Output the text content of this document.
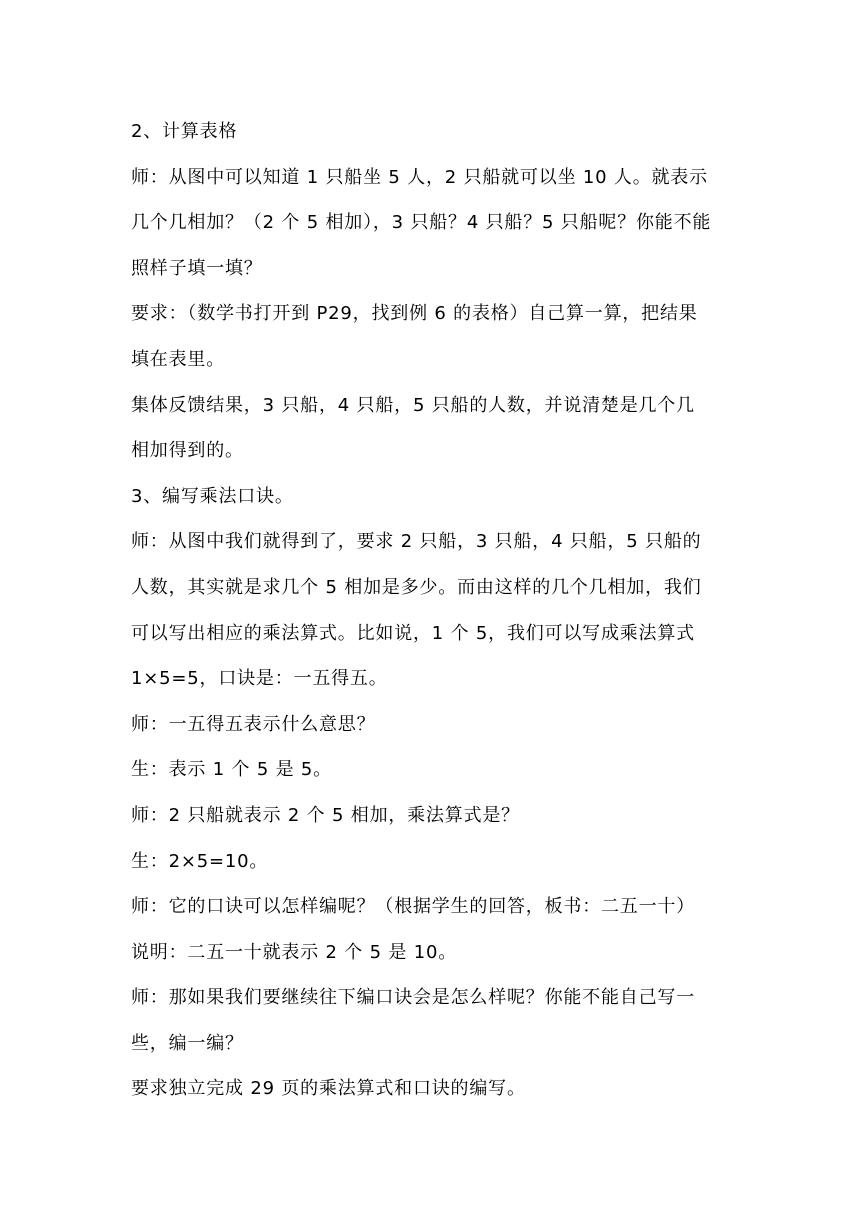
2、计算表格
师：从图中可以知道 1 只船坐 5 人，2 只船就可以坐 10 人。就表示
几个几相加？（2 个 5 相加），3 只船？4 只船？5 只船呢？你能不能
照样子填一填？
要求：（数学书打开到 P29，找到例 6 的表格）自己算一算，把结果
填在表里。
集体反馈结果，3 只船，4 只船，5 只船的人数，并说清楚是几个几
相加得到的。
3、编写乘法口诀。
师：从图中我们就得到了，要求 2 只船，3 只船，4 只船，5 只船的
人数，其实就是求几个 5 相加是多少。而由这样的几个几相加，我们
可以写出相应的乘法算式。比如说，1 个 5，我们可以写成乘法算式
1×5=5，口诀是：一五得五。
师：一五得五表示什么意思？
生：表示 1 个 5 是 5。
师：2 只船就表示 2 个 5 相加，乘法算式是？
生：2×5=10。
师：它的口诀可以怎样编呢？（根据学生的回答，板书：二五一十）
说明：二五一十就表示 2 个 5 是 10。
师：那如果我们要继续往下编口诀会是怎么样呢？你能不能自己写一
些，编一编？
要求独立完成 29 页的乘法算式和口诀的编写。
